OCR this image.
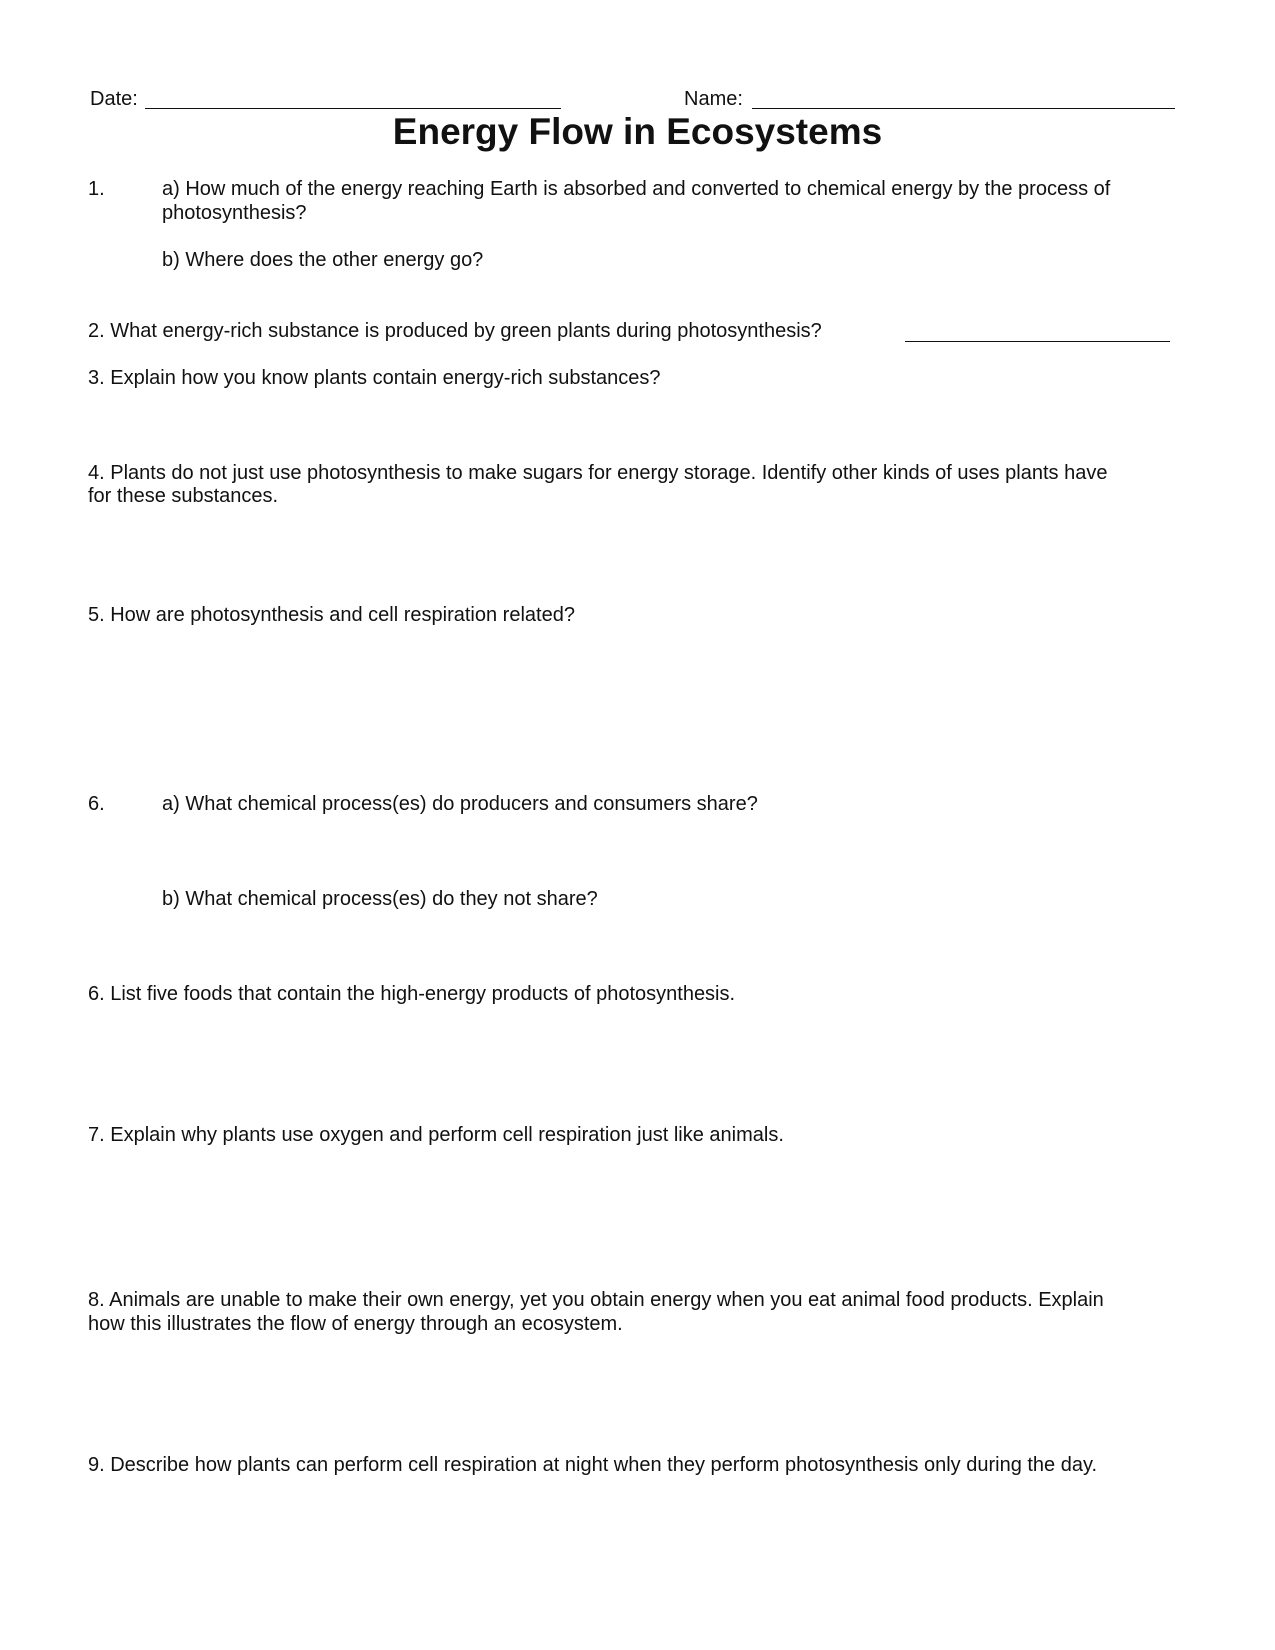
Date:	Name:
Energy Flow in Ecosystems
1.	a) How much of the energy reaching Earth is absorbed and converted to chemical energy by the process of
photosynthesis?
b) Where does the other energy go?
2. What energy-rich substance is produced by green plants during photosynthesis?
3. Explain how you know plants contain energy-rich substances?
4. Plants do not just use photosynthesis to make sugars for energy storage. Identify other kinds of uses plants have
for these substances.
5. How are photosynthesis and cell respiration related?
6.	a) What chemical process(es) do producers and consumers share?
b) What chemical process(es) do they not share?
6. List five foods that contain the high-energy products of photosynthesis.
7. Explain why plants use oxygen and perform cell respiration just like animals.
8. Animals are unable to make their own energy, yet you obtain energy when you eat animal food products. Explain
how this illustrates the flow of energy through an ecosystem.
9. Describe how plants can perform cell respiration at night when they perform photosynthesis only during the day.
